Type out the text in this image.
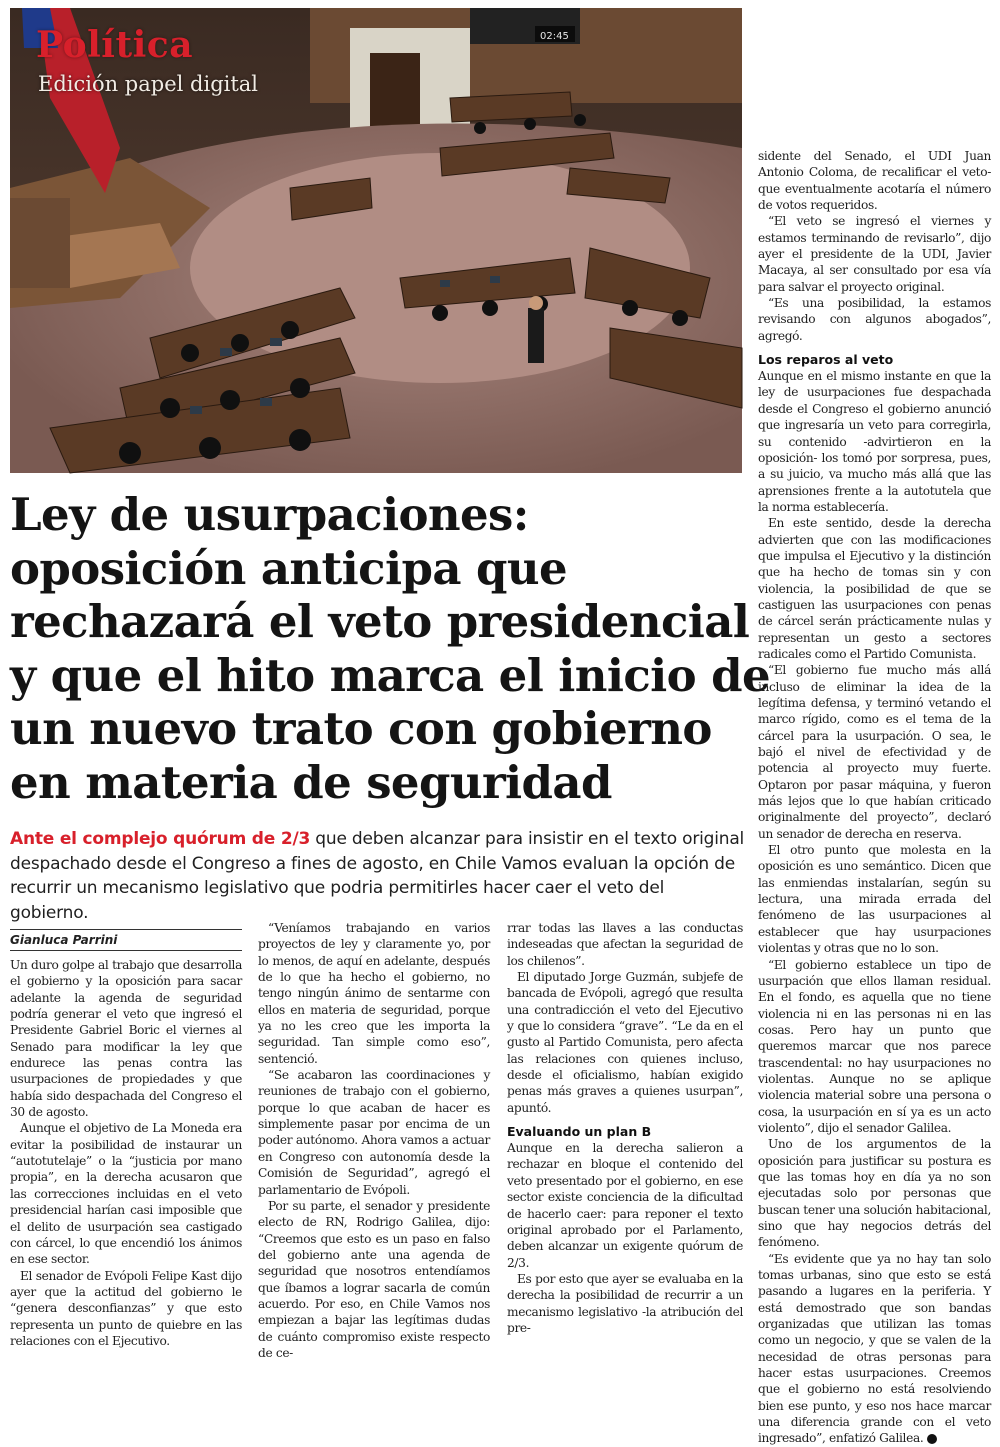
02:45
Política
Edición papel digital
Ley de usurpaciones:
oposición anticipa que
rechazará el veto presidencial
y que el hito marca el inicio de
un nuevo trato con gobierno
en materia de seguridad

Ante el complejo quórum de 2/3 que deben alcanzar para insistir en el texto original despachado desde el Congreso a fines de agosto, en Chile Vamos evaluan la opción de recurrir un mecanismo legislativo que podria permitirles hacer caer el veto del gobierno.

Gianluca Parrini

Un duro golpe al trabajo que desarrolla el gobierno y la oposición para sacar adelante la agenda de seguridad podría generar el veto que ingresó el Presidente Gabriel Boric el viernes al Senado para modificar la ley que endurece las penas contra las usurpaciones de propiedades y que había sido despachada del Congreso el 30 de agosto.

Aunque el objetivo de La Moneda era evitar la posibilidad de instaurar un “autotutelaje” o la “justicia por mano propia”, en la derecha acusaron que las correcciones incluidas en el veto presidencial harían casi imposible que el delito de usurpación sea castigado con cárcel, lo que encendió los ánimos en ese sector.

El senador de Evópoli Felipe Kast dijo ayer que la actitud del gobierno le “genera desconfianzas” y que esto representa un punto de quiebre en las relaciones con el Ejecutivo.

“Veníamos trabajando en varios proyectos de ley y claramente yo, por lo menos, de aquí en adelante, después de lo que ha hecho el gobierno, no tengo ningún ánimo de sentarme con ellos en materia de seguridad, porque ya no les creo que les importa la seguridad. Tan simple como eso”, sentenció.

“Se acabaron las coordinaciones y reuniones de trabajo con el gobierno, porque lo que acaban de hacer es simplemente pasar por encima de un poder autónomo. Ahora vamos a actuar en Congreso con autonomía desde la Comisión de Seguridad”, agregó el parlamentario de Evópoli.

Por su parte, el senador y presidente electo de RN, Rodrigo Galilea, dijo: “Creemos que esto es un paso en falso del gobierno ante una agenda de seguridad que nosotros entendíamos que íbamos a lograr sacarla de común acuerdo. Por eso, en Chile Vamos nos empiezan a bajar las legítimas dudas de cuánto compromiso existe respecto de ce-

rrar todas las llaves a las conductas indeseadas que afectan la seguridad de los chilenos”.

El diputado Jorge Guzmán, subjefe de bancada de Evópoli, agregó que resulta una contradicción el veto del Ejecutivo y que lo considera “grave”. “Le da en el gusto al Partido Comunista, pero afecta las relaciones con quienes incluso, desde el oficialismo, habían exigido penas más graves a quienes usurpan”, apuntó.

Evaluando un plan B

Aunque en la derecha salieron a rechazar en bloque el contenido del veto presentado por el gobierno, en ese sector existe conciencia de la dificultad de hacerlo caer: para reponer el texto original aprobado por el Parlamento, deben alcanzar un exigente quórum de 2/3.

Es por esto que ayer se evaluaba en la derecha la posibilidad de recurrir a un mecanismo legislativo -la atribución del pre-

sidente del Senado, el UDI Juan Antonio Coloma, de recalificar el veto- que eventualmente acotaría el número de votos requeridos.

“El veto se ingresó el viernes y estamos terminando de revisarlo”, dijo ayer el presidente de la UDI, Javier Macaya, al ser consultado por esa vía para salvar el proyecto original.

“Es una posibilidad, la estamos revisando con algunos abogados”, agregó.

Los reparos al veto

Aunque en el mismo instante en que la ley de usurpaciones fue despachada desde el Congreso el gobierno anunció que ingresaría un veto para corregirla, su contenido -advirtieron en la oposición- los tomó por sorpresa, pues, a su juicio, va mucho más allá que las aprensiones frente a la autotutela que la norma establecería.

En este sentido, desde la derecha advierten que con las modificaciones que impulsa el Ejecutivo y la distinción que ha hecho de tomas sin y con violencia, la posibilidad de que se castiguen las usurpaciones con penas de cárcel serán prácticamente nulas y representan un gesto a sectores radicales como el Partido Comunista.

“El gobierno fue mucho más allá incluso de eliminar la idea de la legítima defensa, y terminó vetando el marco rígido, como es el tema de la cárcel para la usurpación. O sea, le bajó el nivel de efectividad y de potencia al proyecto muy fuerte. Optaron por pasar máquina, y fueron más lejos que lo que habían criticado originalmente del proyecto”, declaró un senador de derecha en reserva.

El otro punto que molesta en la oposición es uno semántico. Dicen que las enmiendas instalarían, según su lectura, una mirada errada del fenómeno de las usurpaciones al establecer que hay usurpaciones violentas y otras que no lo son.

“El gobierno establece un tipo de usurpación que ellos llaman residual. En el fondo, es aquella que no tiene violencia ni en las personas ni en las cosas. Pero hay un punto que queremos marcar que nos parece trascendental: no hay usurpaciones no violentas. Aunque no se aplique violencia material sobre una persona o cosa, la usurpación en sí ya es un acto violento”, dijo el senador Galilea.

Uno de los argumentos de la oposición para justificar su postura es que las tomas hoy en día ya no son ejecutadas solo por personas que buscan tener una solución habitacional, sino que hay negocios detrás del fenómeno.

“Es evidente que ya no hay tan solo tomas urbanas, sino que esto se está pasando a lugares en la periferia. Y está demostrado que son bandas organizadas que utilizan las tomas como un negocio, y que se valen de la necesidad de otras personas para hacer estas usurpaciones. Creemos que el gobierno no está resolviendo bien ese punto, y eso nos hace marcar una diferencia grande con el veto ingresado”, enfatizó Galilea.
